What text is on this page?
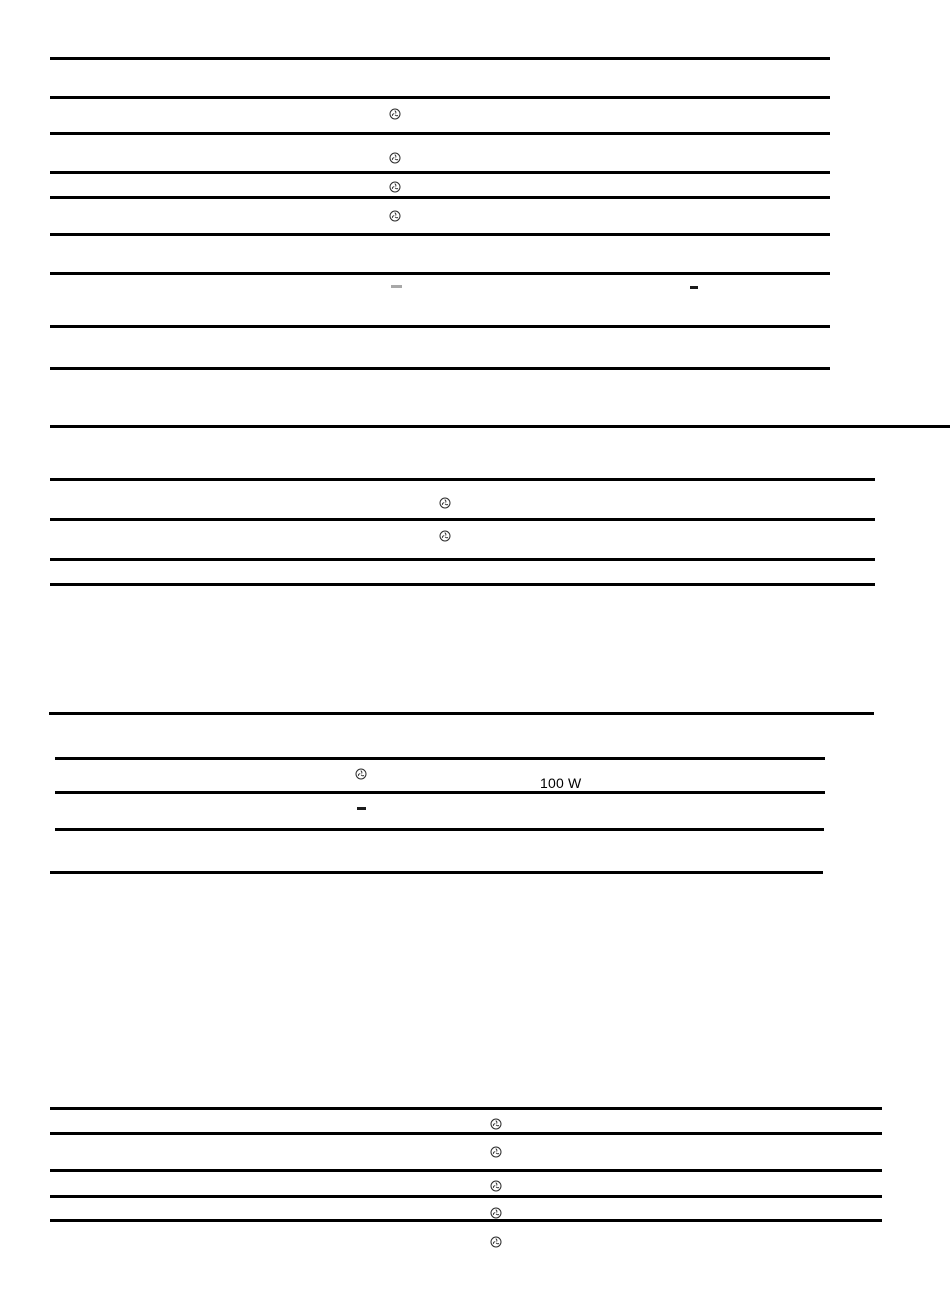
100 W
